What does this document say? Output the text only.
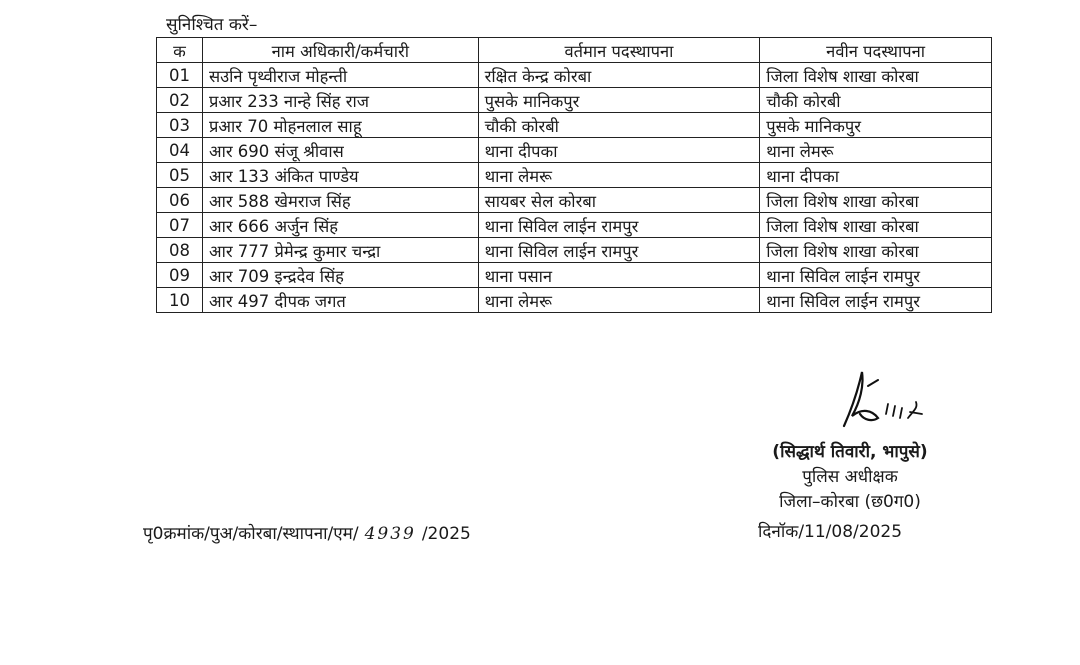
सुनिश्चित करें–
क	नाम अधिकारी/कर्मचारी	वर्तमान पदस्थापना	नवीन पदस्थापना
01	सउनि पृथ्वीराज मोहन्ती	रक्षित केन्द्र कोरबा	जिला विशेष शाखा कोरबा
02	प्रआर 233 नान्हे सिंह राज	पुसके मानिकपुर	चौकी कोरबी
03	प्रआर 70 मोहनलाल साहू	चौकी कोरबी	पुसके मानिकपुर
04	आर 690 संजू श्रीवास	थाना दीपका	थाना लेमरू
05	आर 133 अंकित पाण्डेय	थाना लेमरू	थाना दीपका
06	आर 588 खेमराज सिंह	सायबर सेल कोरबा	जिला विशेष शाखा कोरबा
07	आर 666 अर्जुन सिंह	थाना सिविल लाईन रामपुर	जिला विशेष शाखा कोरबा
08	आर 777 प्रेमेन्द्र कुमार चन्द्रा	थाना सिविल लाईन रामपुर	जिला विशेष शाखा कोरबा
09	आर 709 इन्द्रदेव सिंह	थाना पसान	थाना सिविल लाईन रामपुर
10	आर 497 दीपक जगत	थाना लेमरू	थाना सिविल लाईन रामपुर
(सिद्धार्थ तिवारी, भापुसे)
पुलिस अधीक्षक
जिला–कोरबा (छ0ग0)
पृ0क्रमांक/पुअ/कोरबा/स्थापना/एम/ 4939 /2025	दिनॉक/11/08/2025
